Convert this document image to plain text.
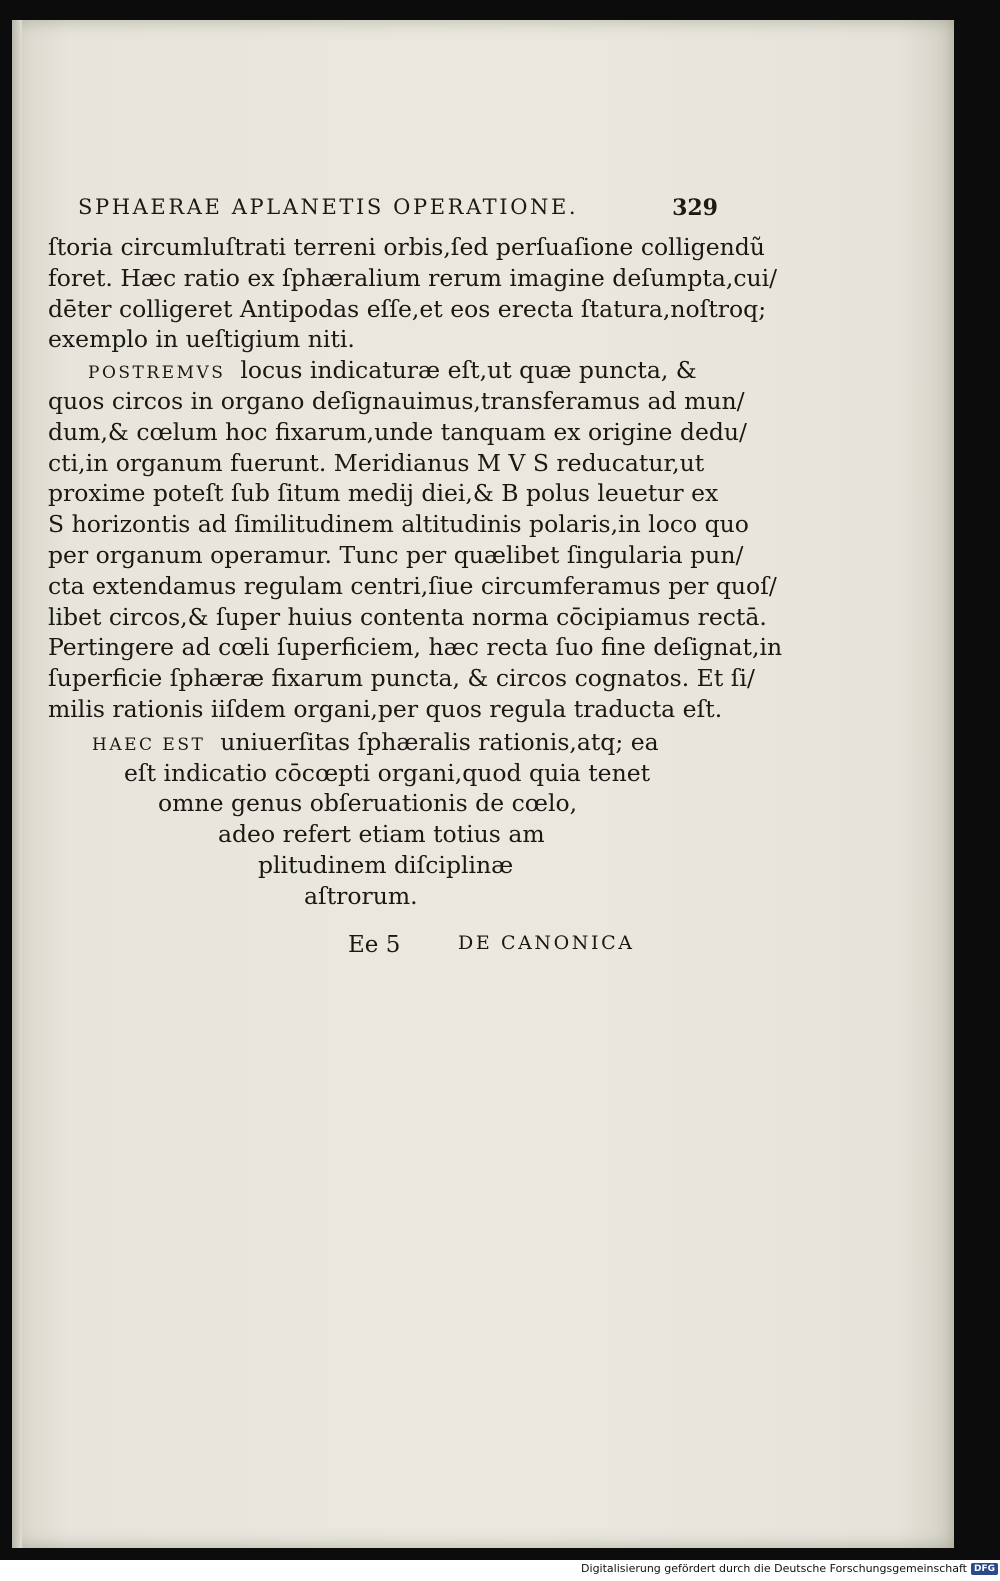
SPHAERAE APLANETIS OPERATIONE.	329
ſtoria circumluſtrati terreni orbis,ſed perſuaſione colligendũ
foret. Hæc ratio ex ſphæralium rerum imagine deſumpta,cui/
dēter colligeret Antipodas eſſe,et eos erecta ſtatura,noſtroq;
exemplo in ueſtigium niti.
POSTREMVS locus indicaturæ eſt,ut quæ puncta, &
quos circos in organo deſignauimus,transferamus ad mun/
dum,& cœlum hoc fixarum,unde tanquam ex origine dedu/
cti,in organum fuerunt. Meridianus M V S reducatur,ut
proxime poteſt ſub ſitum medij diei,& B polus leuetur ex
S horizontis ad ſimilitudinem altitudinis polaris,in loco quo
per organum operamur. Tunc per quælibet ſingularia pun/
cta extendamus regulam centri,ſiue circumferamus per quoſ/
libet circos,& ſuper huius contenta norma cōcipiamus rectā.
Pertingere ad cœli ſuperficiem, hæc recta ſuo fine deſignat,in
ſuperficie ſphæræ fixarum puncta, & circos cognatos. Et ſi/
milis rationis iiſdem organi,per quos regula traducta eſt.
HAEC EST uniuerſitas ſphæralis rationis,atq; ea
eſt indicatio cōcœpti organi,quod quia tenet
omne genus obſeruationis de cœlo,
adeo refert etiam totius am
plitudinem diſciplinæ
aſtrorum.
Ee 5	DE CANONICA
Digitalisierung gefördert durch die Deutsche Forschungsgemeinschaft DFG
